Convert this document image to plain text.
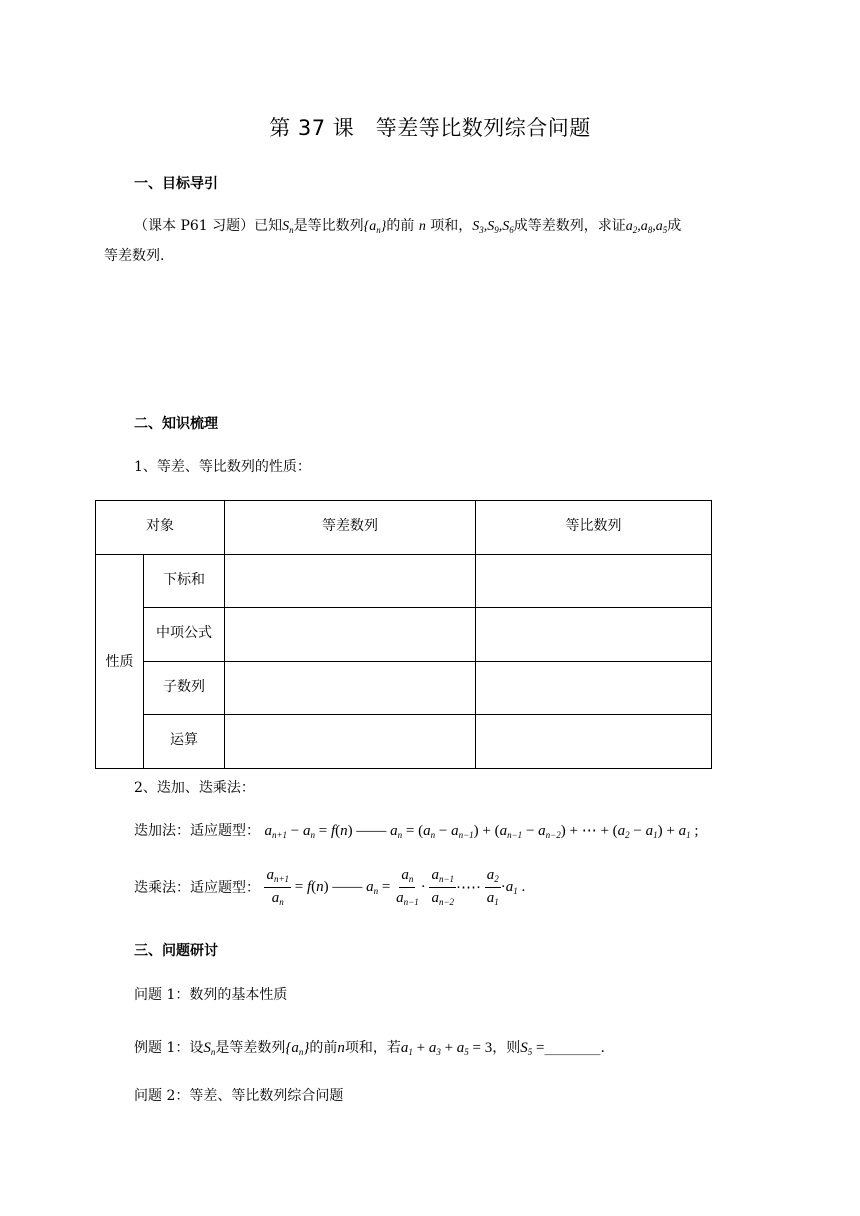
第 37 课　等差等比数列综合问题
一、目标导引
（课本 P61 习题）已知$S_n$是等比数列$\{a_n\}$的前 n 项和，$S_3,S_9,S_6$成等差数列，求证$a_2,a_8,a_5$成
等差数列.
二、知识梳理
1、等差、等比数列的性质：
对象		等差数列	等比数列
性质	下标和		
	中项公式		
	子数列		
	运算		
2、迭加、迭乘法：
迭加法：适应题型： $a_{n+1} - a_n = f(n)$ —— $a_n = (a_n - a_{n-1}) + (a_{n-1} - a_{n-2})$ + ⋯ + $(a_2 - a_1) + a_1$ ;
迭乘法：适应题型： $\frac{a_{n+1}}{a_n} = f(n)$ —— $a_n = \frac{a_n}{a_{n-1}} \cdot \frac{a_{n-1}}{a_{n-2}}$ ·⋯· $\frac{a_2}{a_1} \cdot a_1$ .
三、问题研讨
问题 1：数列的基本性质
例题 1：设$S_n$是等差数列$\{a_n\}$的前n项和，若$a_1 + a_3 + a_5 = 3$，则$S_5$ =________.
问题 2：等差、等比数列综合问题
